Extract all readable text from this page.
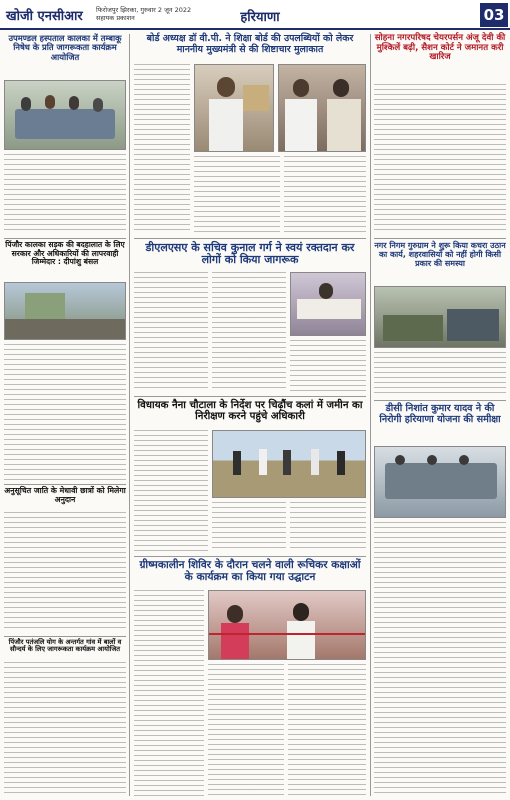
खोजी एनसीआर फिरोजपुर झिरका, गुरुवार 2 जून 2022
सहायक प्रकाशन	हरियाणा	03
उपमण्डल हस्पताल कालका में तम्बाकू निषेध के प्रति जागरूकता कार्यक्रम आयोजित
पिंजौर कालका सड़क की बदहालात के लिए सरकार और अधिकारियों की लापरवाही जिम्मेदार : दीपांशु बंसल
अनुसूचित जाति के मेधावी छात्रों को मिलेगा अनुदान
पिंजौर पतंजलि योग के अन्तर्गत गांव में बालों व सौन्दर्य के लिए जागरूकता कार्यक्रम आयोजित
बोर्ड अध्यक्ष डॉ वी.पी. ने शिक्षा बोर्ड की उपलब्धियों को लेकर माननीय मुख्यमंत्री से की शिष्टाचार मुलाकात
डीएलएसए के सचिव कुनाल गर्ग ने स्वयं रक्तदान कर लोगों को किया जागरूक
विधायक नैना चौटाला के निर्देश पर चिढ़ौंच कलां में जमीन का निरीक्षण करने पहुंचे अधिकारी
ग्रीष्मकालीन शिविर के दौरान चलने वाली रूचिकर कक्षाओं के कार्यक्रम का किया गया उद्घाटन
सोहना नगरपरिषद चेयरपर्सन अंजू देवी की मुश्किलें बढ़ी, सैशन कोर्ट ने जमानत करी खारिज
नगर निगम गुरुग्राम ने शुरू किया कचरा उठान का कार्य, शहरवासियों को नहीं होगी किसी प्रकार की समस्या
डीसी निशांत कुमार यादव ने की निरोगी हरियाणा योजना की समीक्षा
